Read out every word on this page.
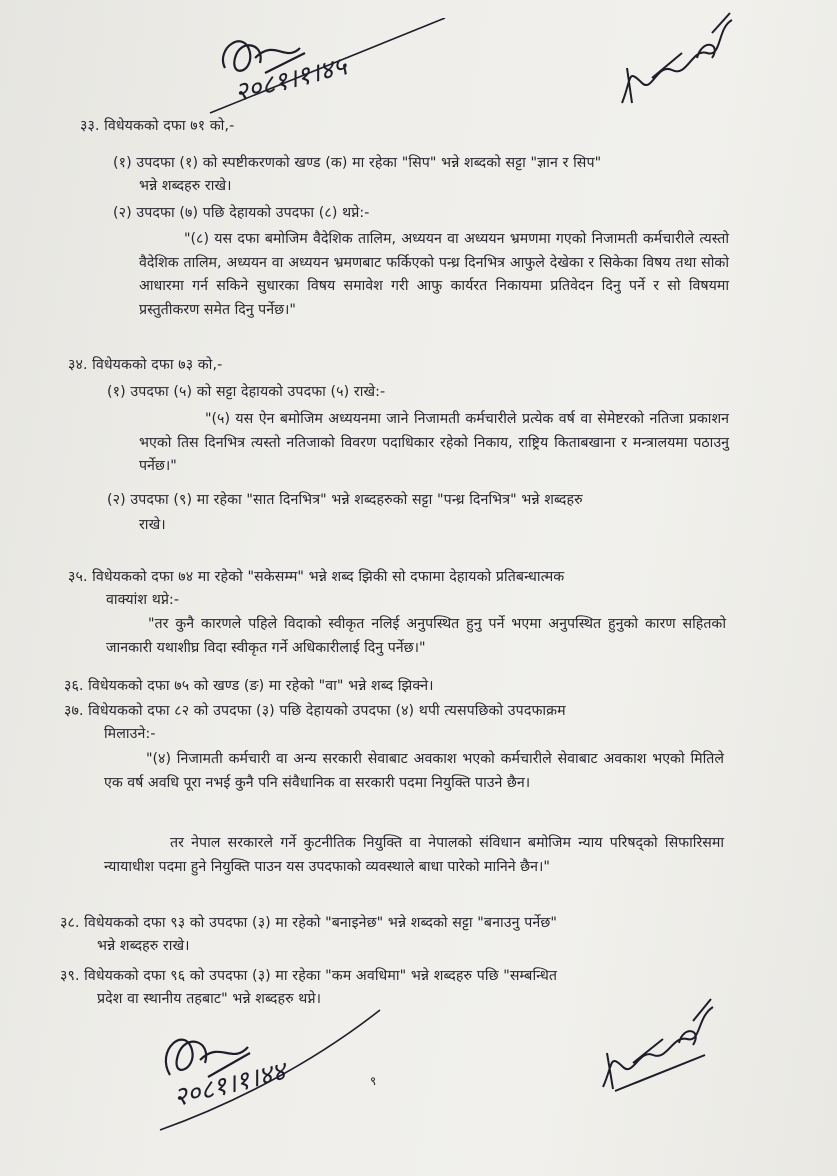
२०८१।१।४५
३३. विधेयकको दफा ७१ को,-
(१) उपदफा (१) को स्पष्टीकरणको खण्ड (क) मा रहेका "सिप" भन्ने शब्दको सट्टा "ज्ञान र सिप"
भन्ने शब्दहरु राखे।
(२) उपदफा (७) पछि देहायको उपदफा (८) थप्ने:-
"(८) यस दफा बमोजिम वैदेशिक तालिम, अध्ययन वा अध्ययन भ्रमणमा गएको निजामती कर्मचारीले त्यस्तो वैदेशिक तालिम, अध्ययन वा अध्ययन भ्रमणबाट फर्किएको पन्ध्र दिनभित्र आफुले देखेका र सिकेका विषय तथा सोको आधारमा गर्न सकिने सुधारका विषय समावेश गरी आफु कार्यरत निकायमा प्रतिवेदन दिनु पर्ने र सो विषयमा प्रस्तुतीकरण समेत दिनु पर्नेछ।"
३४. विधेयकको दफा ७३ को,-
(१) उपदफा (५) को सट्टा देहायको उपदफा (५) राखे:-
"(५) यस ऐन बमोजिम अध्ययनमा जाने निजामती कर्मचारीले प्रत्येक वर्ष वा सेमेष्टरको नतिजा प्रकाशन भएको तिस दिनभित्र त्यस्तो नतिजाको विवरण पदाधिकार रहेको निकाय, राष्ट्रिय किताबखाना र मन्त्रालयमा पठाउनु पर्नेछ।"
(२) उपदफा (९) मा रहेका "सात दिनभित्र" भन्ने शब्दहरुको सट्टा "पन्ध्र दिनभित्र" भन्ने शब्दहरु
राखे।
३५. विधेयकको दफा ७४ मा रहेको "सकेसम्म" भन्ने शब्द झिकी सो दफामा देहायको प्रतिबन्धात्मक
वाक्यांश थप्ने:-
"तर कुनै कारणले पहिले विदाको स्वीकृत नलिई अनुपस्थित हुनु पर्ने भएमा अनुपस्थित हुनुको कारण सहितको जानकारी यथाशीघ्र विदा स्वीकृत गर्ने अधिकारीलाई दिनु पर्नेछ।"
३६. विधेयकको दफा ७५ को खण्ड (ङ) मा रहेको "वा" भन्ने शब्द झिक्ने।
३७. विधेयकको दफा ८२ को उपदफा (३) पछि देहायको उपदफा (४) थपी त्यसपछिको उपदफाक्रम
मिलाउने:-
"(४) निजामती कर्मचारी वा अन्य सरकारी सेवाबाट अवकाश भएको कर्मचारीले सेवाबाट अवकाश भएको मितिले एक वर्ष अवधि पूरा नभई कुनै पनि संवैधानिक वा सरकारी पदमा नियुक्ति पाउने छैन।
तर नेपाल सरकारले गर्ने कुटनीतिक नियुक्ति वा नेपालको संविधान बमोजिम न्याय परिषद्को सिफारिसमा न्यायाधीश पदमा हुने नियुक्ति पाउन यस उपदफाको व्यवस्थाले बाधा पारेको मानिने छैन।"
३८. विधेयकको दफा ९३ को उपदफा (३) मा रहेको "बनाइनेछ" भन्ने शब्दको सट्टा "बनाउनु पर्नेछ"
भन्ने शब्दहरु राखे।
३९. विधेयकको दफा ९६ को उपदफा (३) मा रहेका "कम अवधिमा" भन्ने शब्दहरु पछि "सम्बन्धित
प्रदेश वा स्थानीय तहबाट" भन्ने शब्दहरु थप्ने।
२०८१।१।४४	९
